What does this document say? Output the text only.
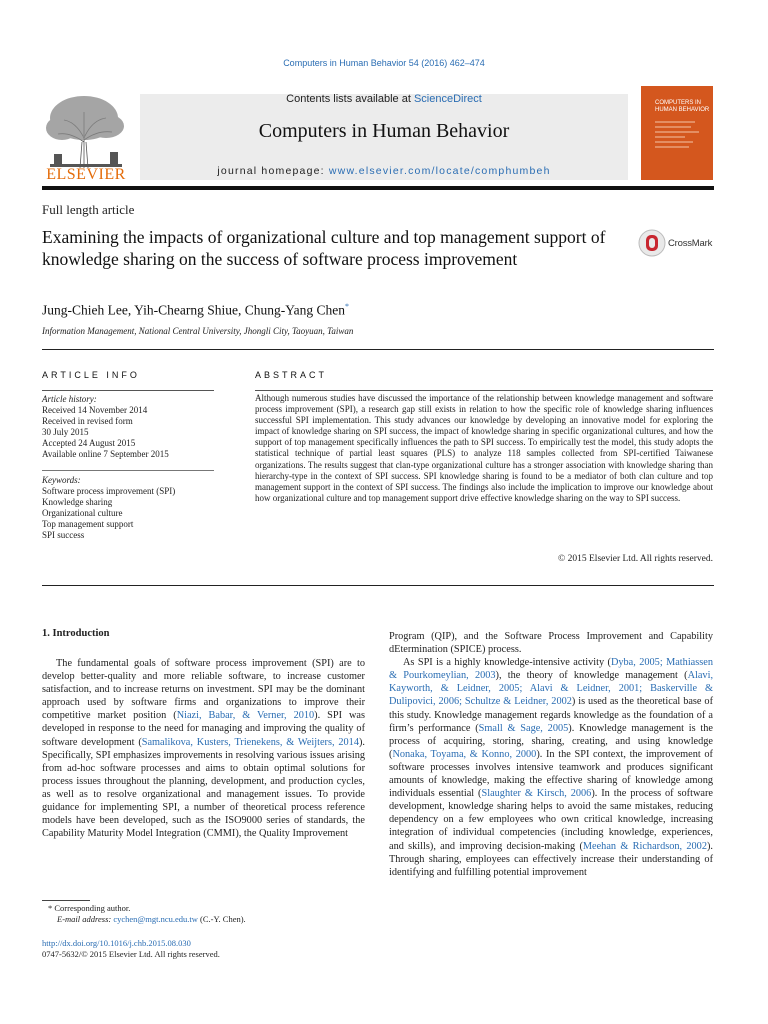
Computers in Human Behavior 54 (2016) 462–474
ELSEVIER
Contents lists available at ScienceDirect
Computers in Human Behavior
journal homepage: www.elsevier.com/locate/comphumbeh
COMPUTERS IN HUMAN BEHAVIOR
Full length article
Examining the impacts of organizational culture and top management support of knowledge sharing on the success of software process improvement
CrossMark
Jung-Chieh Lee, Yih-Chearng Shiue, Chung-Yang Chen*
Information Management, National Central University, Jhongli City, Taoyuan, Taiwan
ARTICLE INFO
Article history:
Received 14 November 2014
Received in revised form
30 July 2015
Accepted 24 August 2015
Available online 7 September 2015
Keywords:
Software process improvement (SPI)
Knowledge sharing
Organizational culture
Top management support
SPI success
ABSTRACT
Although numerous studies have discussed the importance of the relationship between knowledge management and software process improvement (SPI), a research gap still exists in relation to how the specific role of knowledge sharing influences successful SPI implementation. This study advances our knowledge by developing an innovative model for exploring the impact of knowledge sharing on SPI success, the impact of knowledge sharing in specific organizational cultures, and how the support of top management specifically influences the path to SPI success. To empirically test the model, this study adopts the statistical technique of partial least squares (PLS) to analyze 118 samples collected from SPI-certified Taiwanese organizations. The results suggest that clan-type organizational culture has a stronger association with knowledge sharing than hierarchy-type in the context of SPI success. SPI knowledge sharing is found to be a mediator of both clan culture and top management support in the context of SPI success. The findings also include the implication to improve our knowledge about how organizational culture and top management support drive effective knowledge sharing on the way to SPI success.
© 2015 Elsevier Ltd. All rights reserved.
1. Introduction

The fundamental goals of software process improvement (SPI) are to develop better-quality and more reliable software, to increase customer satisfaction, and to increase returns on investment. SPI may be the dominant approach used by software firms and organizations to improve their competitive market position (Niazi, Babar, & Verner, 2010). SPI was developed in response to the need for managing and improving the quality of software development (Samalikova, Kusters, Trienekens, & Weijters, 2014). Specifically, SPI emphasizes improvements in resolving various issues arising from ad-hoc software processes and aims to obtain optimal solutions for process issues throughout the planning, development, and production cycles, as well as to resolve organizational and management issues. To provide guidance for implementing SPI, a number of theoretical process reference models have been developed, such as the ISO9000 series of standards, the Capability Maturity Model Integration (CMMI), the Quality Improvement

Program (QIP), and the Software Process Improvement and Capability dEtermination (SPICE) process.

As SPI is a highly knowledge-intensive activity (Dyba, 2005; Mathiassen & Pourkomeylian, 2003), the theory of knowledge management (Alavi, Kayworth, & Leidner, 2005; Alavi & Leidner, 2001; Baskerville & Dulipovici, 2006; Schultze & Leidner, 2002) is used as the theoretical base of this study. Knowledge management regards knowledge as the foundation of a firm’s performance (Small & Sage, 2005). Knowledge management is the process of acquiring, storing, sharing, creating, and using knowledge (Nonaka, Toyama, & Konno, 2000). In the SPI context, the improvement of software processes involves intensive teamwork and produces significant amounts of knowledge, making the effective sharing of knowledge among individuals essential (Slaughter & Kirsch, 2006). In the process of software development, knowledge sharing helps to avoid the same mistakes, reducing dependency on a few employees who own critical knowledge, increasing integration of individual competencies (including knowledge, experiences, and skills), and improving decision-making (Meehan & Richardson, 2002). Through sharing, employees can effectively increase their understanding of identifying and fulfilling potential improvement

* Corresponding author.
E-mail address: cychen@mgt.ncu.edu.tw (C.-Y. Chen).
http://dx.doi.org/10.1016/j.chb.2015.08.030
0747-5632/© 2015 Elsevier Ltd. All rights reserved.
